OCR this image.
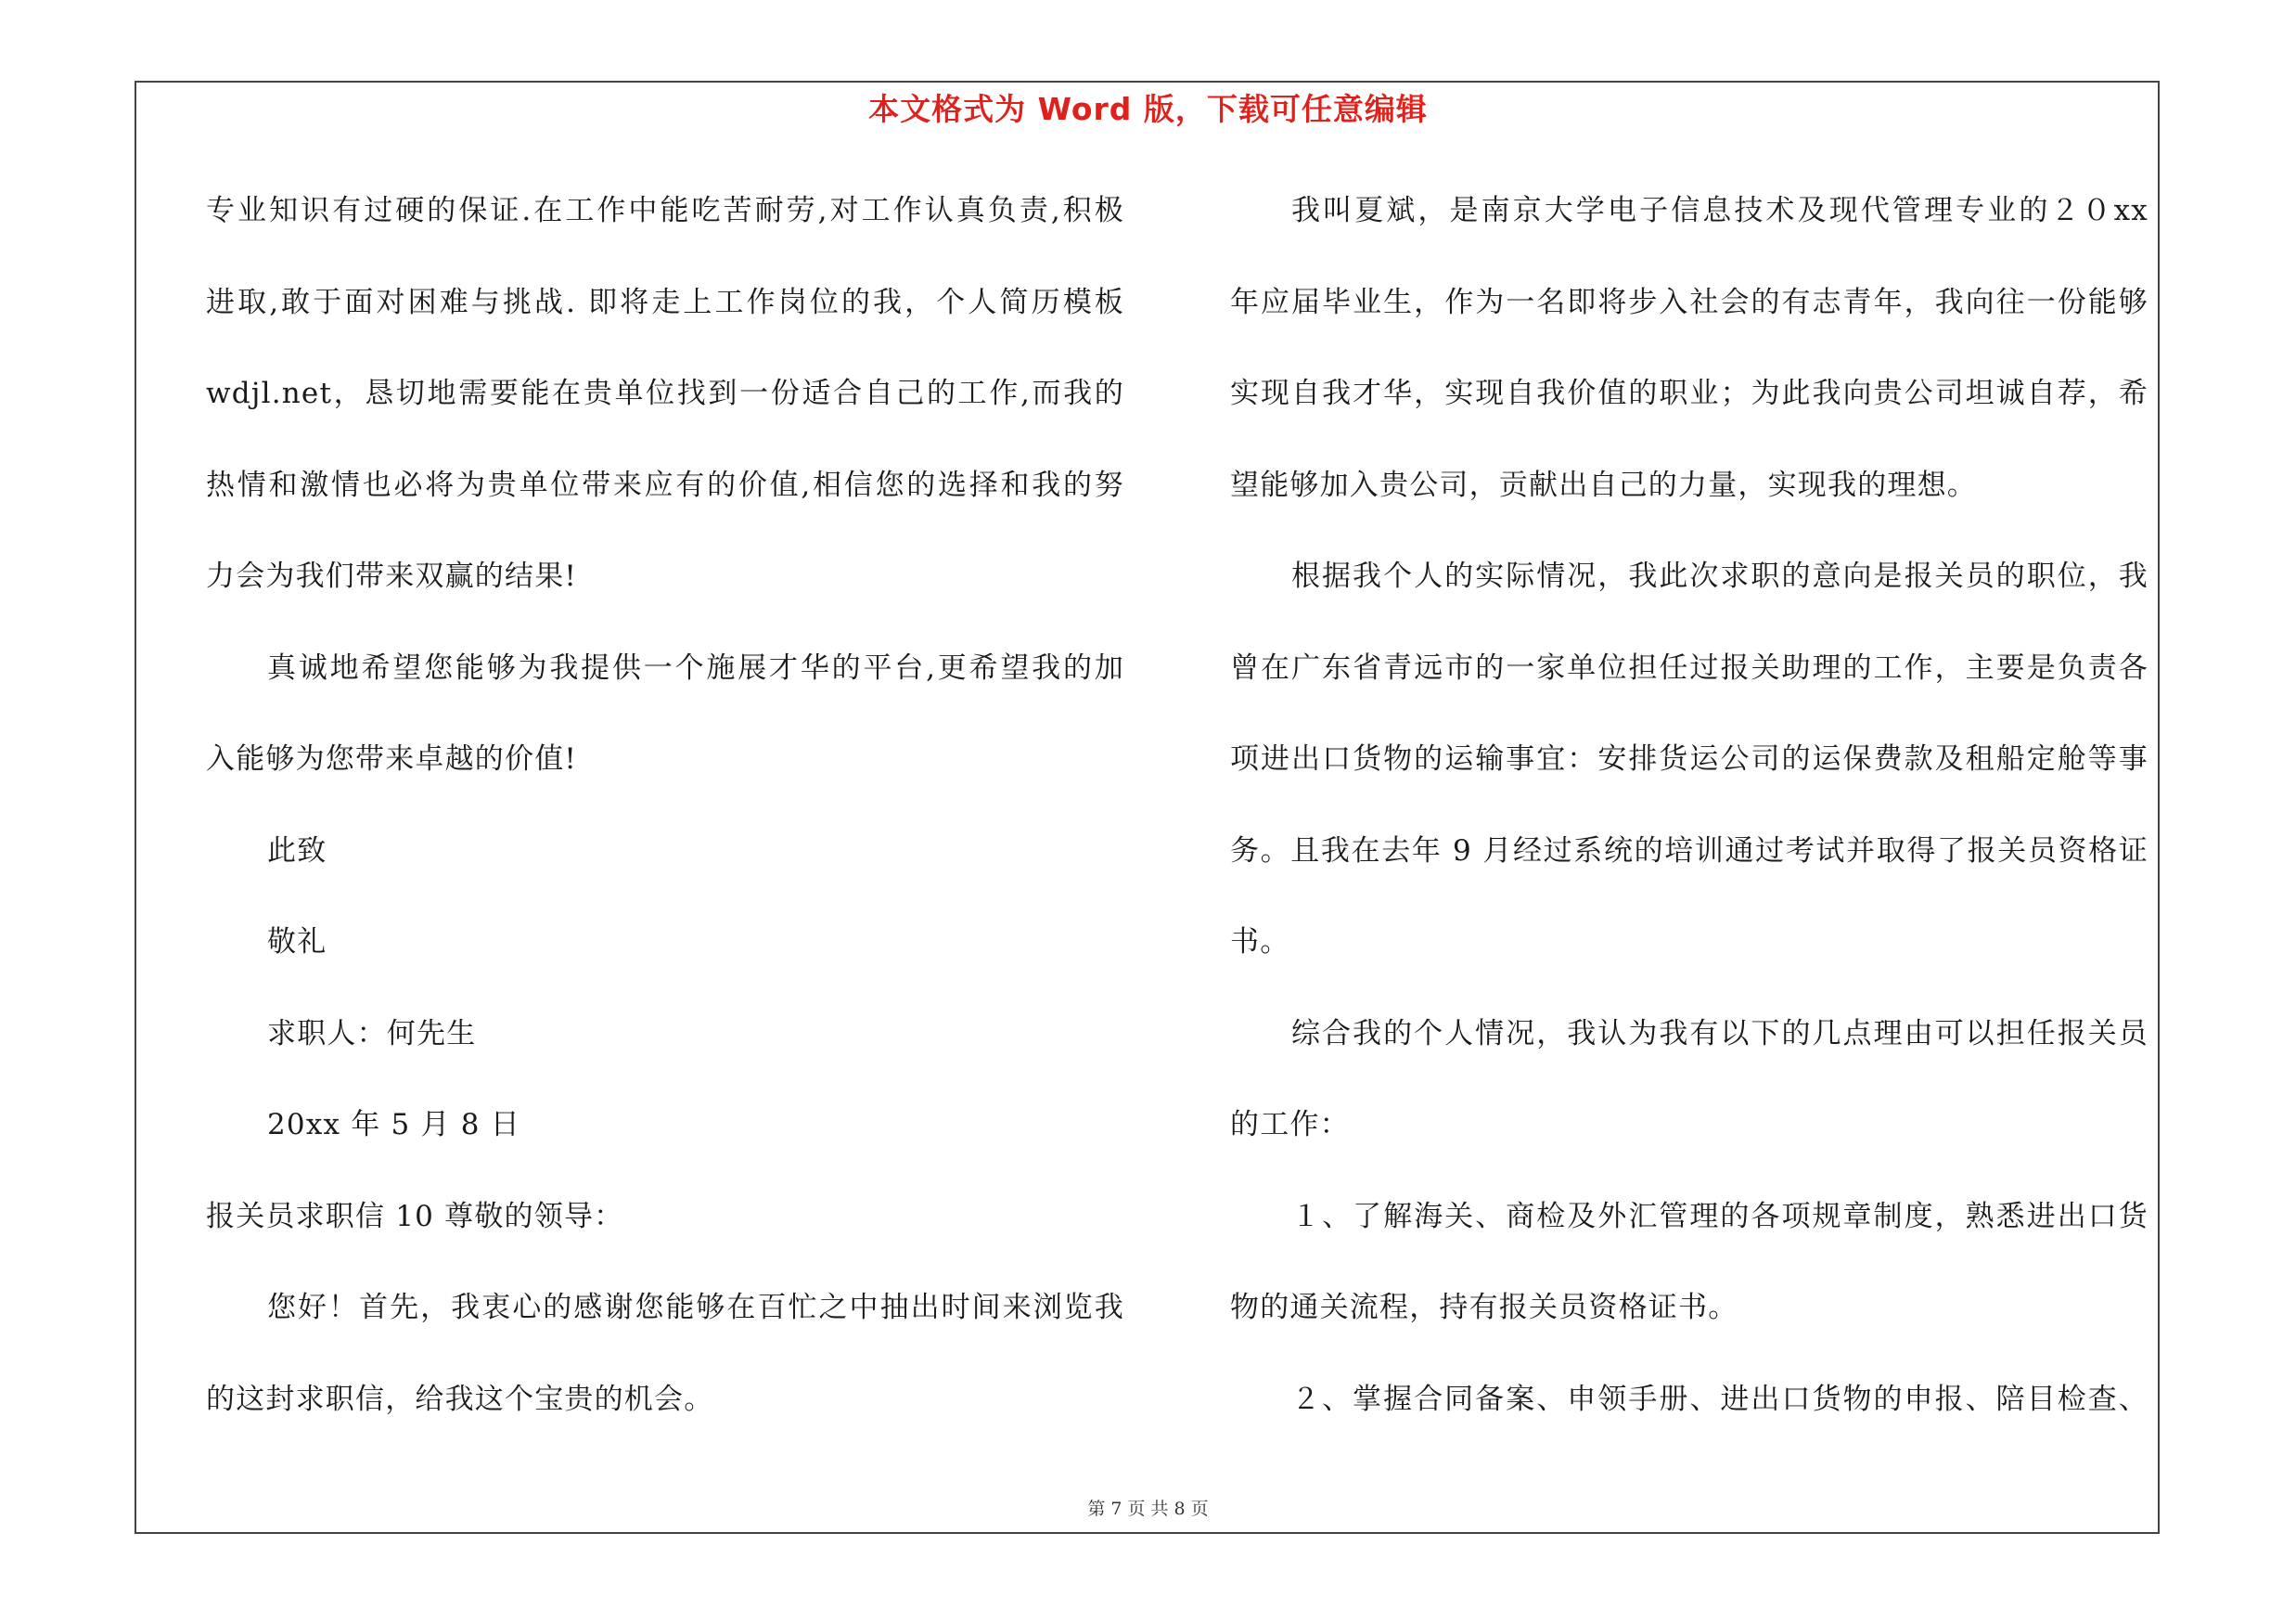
本文格式为 Word 版，下载可任意编辑
专业知识有过硬的保证.在工作中能吃苦耐劳,对工作认真负责,积极
进取,敢于面对困难与挑战. 即将走上工作岗位的我，个人简历模板
wdjl.net，恳切地需要能在贵单位找到一份适合自己的工作,而我的
热情和激情也必将为贵单位带来应有的价值,相信您的选择和我的努
力会为我们带来双赢的结果!
真诚地希望您能够为我提供一个施展才华的平台,更希望我的加
入能够为您带来卓越的价值!
此致
敬礼
求职人：何先生
20xx 年 5 月 8 日
报关员求职信 10 尊敬的领导：
您好！首先，我衷心的感谢您能够在百忙之中抽出时间来浏览我
的这封求职信，给我这个宝贵的机会。
我叫夏斌，是南京大学电子信息技术及现代管理专业的２０xx
年应届毕业生，作为一名即将步入社会的有志青年，我向往一份能够
实现自我才华，实现自我价值的职业；为此我向贵公司坦诚自荐，希
望能够加入贵公司，贡献出自己的力量，实现我的理想。
根据我个人的实际情况，我此次求职的意向是报关员的职位，我
曾在广东省青远市的一家单位担任过报关助理的工作，主要是负责各
项进出口货物的运输事宜：安排货运公司的运保费款及租船定舱等事
务。且我在去年 9 月经过系统的培训通过考试并取得了报关员资格证
书。
综合我的个人情况，我认为我有以下的几点理由可以担任报关员
的工作：
１、了解海关、商检及外汇管理的各项规章制度，熟悉进出口货
物的通关流程，持有报关员资格证书。
２、掌握合同备案、申领手册、进出口货物的申报、陪目检查、
第 7 页 共 8 页
